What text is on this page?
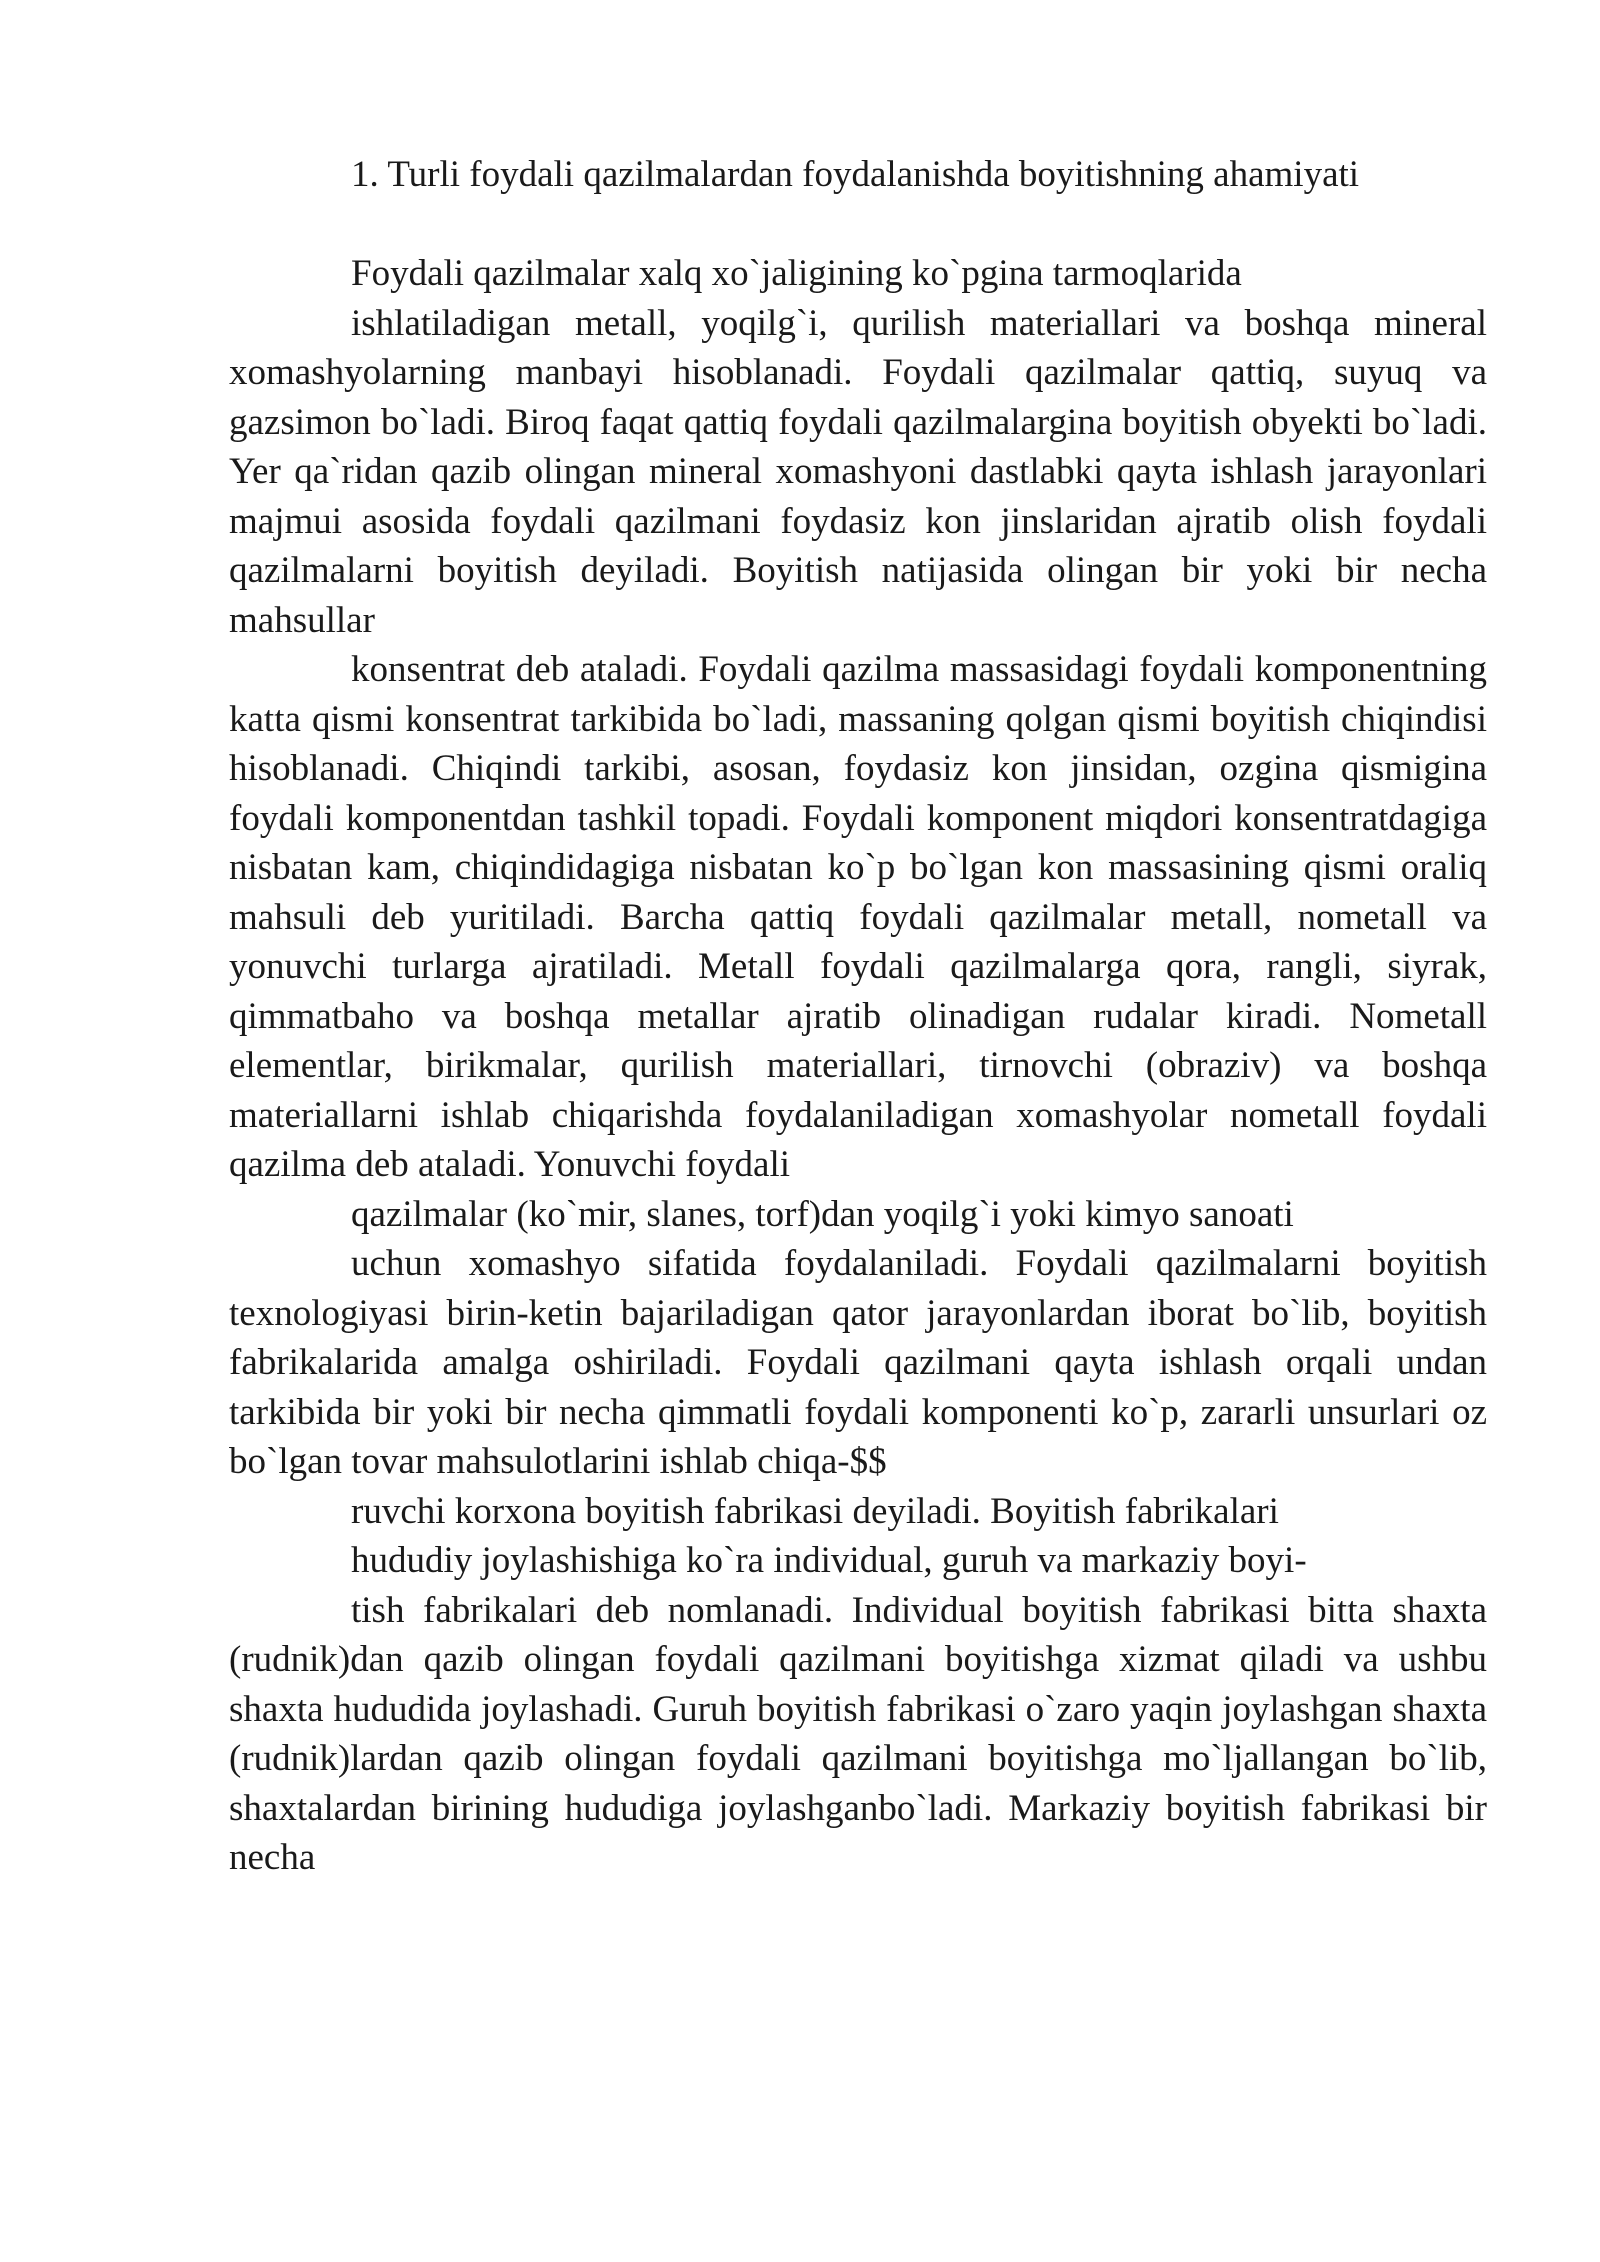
1. Turli foydali qazilmalardan foydalanishda boyitishning ahamiyati

Foydali qazilmalar xalq xo`jaligining ko`pgina tarmoqlarida

ishlatiladigan metall, yoqilg`i, qurilish materiallari va boshqa mineral xomashyolarning manbayi hisoblanadi. Foydali qazilmalar qattiq, suyuq va gazsimon bo`ladi. Biroq faqat qattiq foydali qazilmalargina boyitish obyekti bo`ladi. Yer qa`ridan qazib olingan mineral xomashyoni dastlabki qayta ishlash jarayonlari majmui asosida foydali qazilmani foydasiz kon jinslaridan ajratib olish foydali qazilmalarni boyitish deyiladi. Boyitish natijasida olingan bir yoki bir necha mahsullar

konsentrat deb ataladi. Foydali qazilma massasidagi foydali komponentning katta qismi konsentrat tarkibida bo`ladi, massaning qolgan qismi boyitish chiqindisi hisoblanadi. Chiqindi tarkibi, asosan, foydasiz kon jinsidan, ozgina qismigina foydali komponentdan tashkil topadi. Foydali komponent miqdori konsentratdagiga nisbatan kam, chiqindidagiga nisbatan ko`p bo`lgan kon massasining qismi oraliq mahsuli deb yuritiladi. Barcha qattiq foydali qazilmalar metall, nometall va yonuvchi turlarga ajratiladi. Metall foydali qazilmalarga qora, rangli, siyrak, qimmatbaho va boshqa metallar ajratib olinadigan rudalar kiradi. Nometall elementlar, birikmalar, qurilish materiallari, tirnovchi (obraziv) va boshqa materiallarni ishlab chiqarishda foydalaniladigan xomashyolar nometall foydali qazilma deb ataladi. Yonuvchi foydali

qazilmalar (ko`mir, slanes, torf)dan yoqilg`i yoki kimyo sanoati

uchun xomashyo sifatida foydalaniladi. Foydali qazilmalarni boyitish texnologiyasi birin-ketin bajariladigan qator jarayonlardan iborat bo`lib, boyitish fabrikalarida amalga oshiriladi. Foydali qazilmani qayta ishlash orqali undan tarkibida bir yoki bir necha qimmatli foydali komponenti ko`p, zararli unsurlari oz bo`lgan tovar mahsulotlarini ishlab chiqa-$$

ruvchi korxona boyitish fabrikasi deyiladi. Boyitish fabrikalari

hududiy joylashishiga ko`ra individual, guruh va markaziy boyi-

tish fabrikalari deb nomlanadi. Individual boyitish fabrikasi bitta shaxta (rudnik)dan qazib olingan foydali qazilmani boyitishga xizmat qiladi va ushbu shaxta hududida joylashadi. Guruh boyitish fabrikasi o`zaro yaqin joylashgan shaxta (rudnik)lardan qazib olingan foydali qazilmani boyitishga mo`ljallangan bo`lib, shaxtalardan birining hududiga joylashganbo`ladi. Markaziy boyitish fabrikasi bir necha
